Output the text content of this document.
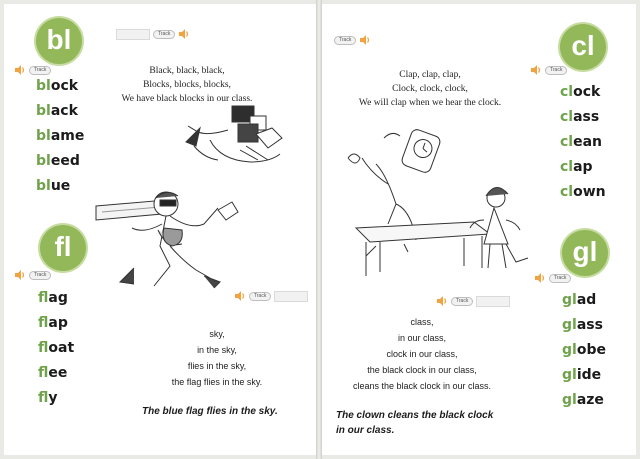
bl
Track
Track
block
black
blame
bleed
blue
Black, black, black,
Blocks, blocks, blocks,
We have black blocks in our class.
fl
Track
Track
flag
flap
float
flee
fly
sky,
in the sky,
flies in the sky,
the flag flies in the sky.
The blue flag flies in the sky.
Track	cl
Track
Clap, clap, clap,
Clock, clock, clock,
We will clap when we hear the clock.
clock
class
clean
clap
clown
gl
Track
Track	glad
glass
globe
glide
glaze
class,
in our class,
clock in our class,
the black clock in our class,
cleans the black clock in our class.
The clown cleans the black clock
in our class.
